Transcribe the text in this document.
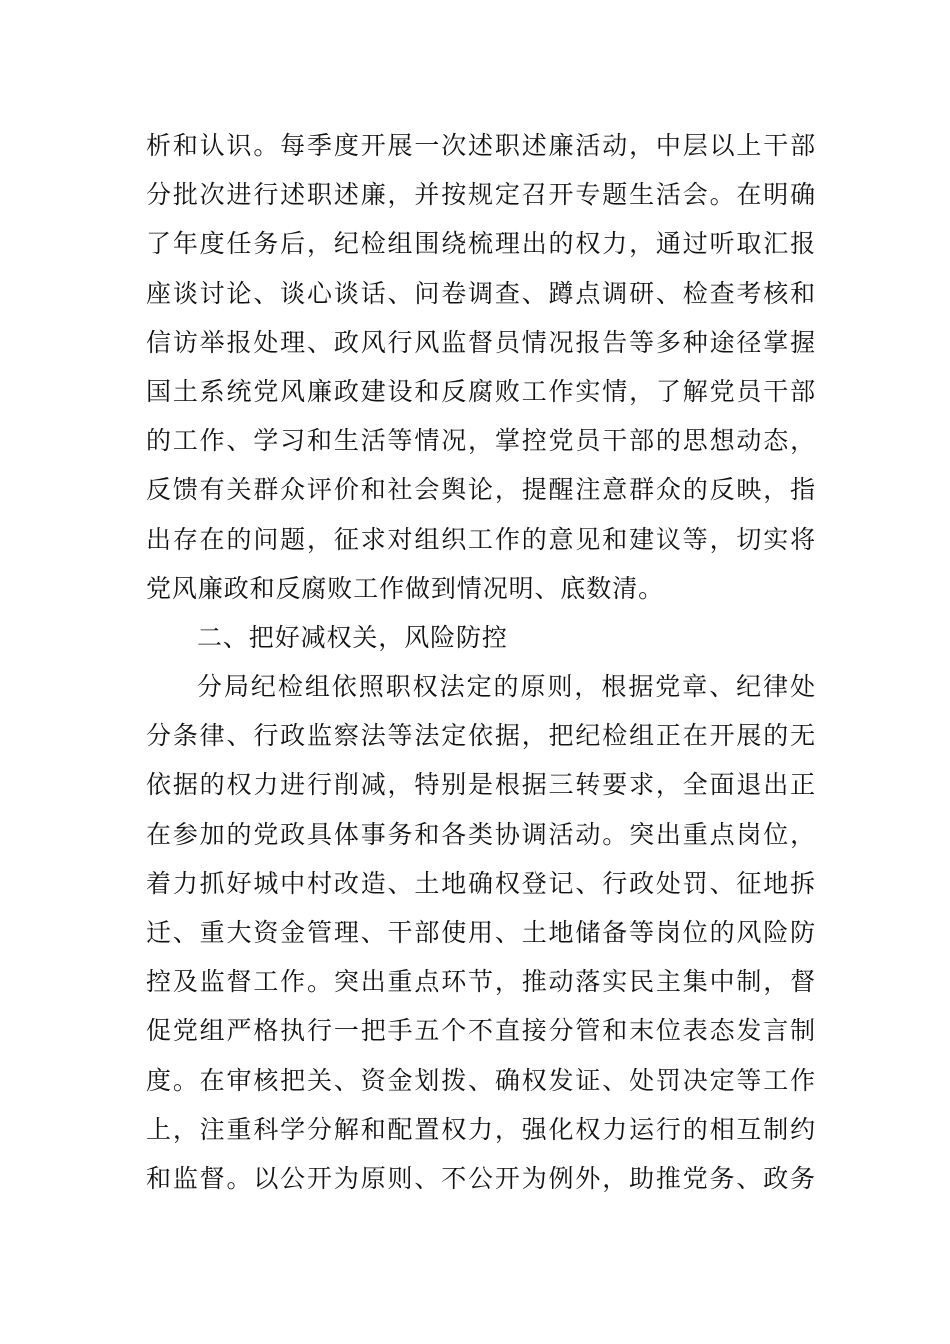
析和认识。每季度开展一次述职述廉活动，中层以上干部
分批次进行述职述廉，并按规定召开专题生活会。在明确
了年度任务后，纪检组围绕梳理出的权力，通过听取汇报
座谈讨论、谈心谈话、问卷调查、蹲点调研、检查考核和
信访举报处理、政风行风监督员情况报告等多种途径掌握
国土系统党风廉政建设和反腐败工作实情，了解党员干部
的工作、学习和生活等情况，掌控党员干部的思想动态，
反馈有关群众评价和社会舆论，提醒注意群众的反映，指
出存在的问题，征求对组织工作的意见和建议等，切实将
党风廉政和反腐败工作做到情况明、底数清。
二、把好减权关，风险防控
分局纪检组依照职权法定的原则，根据党章、纪律处
分条律、行政监察法等法定依据，把纪检组正在开展的无
依据的权力进行削减，特别是根据三转要求，全面退出正
在参加的党政具体事务和各类协调活动。突出重点岗位，
着力抓好城中村改造、土地确权登记、行政处罚、征地拆
迁、重大资金管理、干部使用、土地储备等岗位的风险防
控及监督工作。突出重点环节，推动落实民主集中制，督
促党组严格执行一把手五个不直接分管和末位表态发言制
度。在审核把关、资金划拨、确权发证、处罚决定等工作
上，注重科学分解和配置权力，强化权力运行的相互制约
和监督。以公开为原则、不公开为例外，助推党务、政务
